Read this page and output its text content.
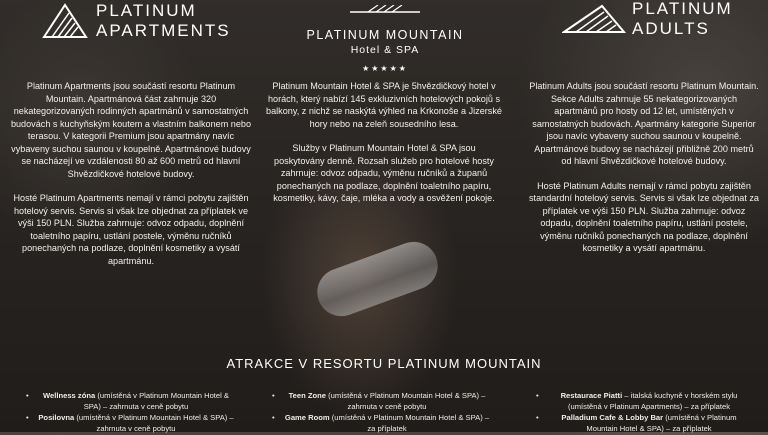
PLATINUM
APARTMENTS	PLATINUM MOUNTAIN
Hotel & SPA
★★★★★
PLATINUM
ADULTS

Platinum Apartments jsou součástí resortu Platinum Mountain. Apartmánová část zahrnuje 320 nekategorizovaných rodinných apartmánů v samostatných budovách s kuchyňským koutem a vlastním balkonem nebo terasou. V kategorii Premium jsou apartmány navíc vybaveny suchou saunou v koupelně. Apartmánové budovy se nacházejí ve vzdálenosti 80 až 600 metrů od hlavní Shvězdičkové hotelové budovy.

Hosté Platinum Apartments nemají v rámci pobytu zajištěn hotelový servis. Servis si však lze objednat za příplatek ve výši 150 PLN. Služba zahrnuje: odvoz odpadu, doplnění toaletního papíru, ustlání postele, výměnu ručníků ponechaných na podlaze, doplnění kosmetiky a vysátí apartmánu.

Platinum Mountain Hotel & SPA je 5hvězdičkový hotel v horách, který nabízí 145 exkluzivních hotelových pokojů s balkony, z nichž se naskýtá výhled na Krkonoše a Jizerské hory nebo na zeleň sousedního lesa.

Služby v Platinum Mountain Hotel & SPA jsou poskytovány denně. Rozsah služeb pro hotelové hosty zahrnuje: odvoz odpadu, výměnu ručníků a županů ponechaných na podlaze, doplnění toaletního papíru, kosmetiky, kávy, čaje, mléka a vody a osvěžení pokoje.

Platinum Adults jsou součástí resortu Platinum Mountain. Sekce Adults zahrnuje 55 nekategorizovaných apartmánů pro hosty od 12 let, umístěných v samostatných budovách. Apartmány kategorie Superior jsou navíc vybaveny suchou saunou v koupelně. Apartmánové budovy se nacházejí přibližně 200 metrů od hlavní 5hvězdičkové hotelové budovy.

Hosté Platinum Adults nemají v rámci pobytu zajištěn standardní hotelový servis. Servis si však lze objednat za příplatek ve výši 150 PLN. Služba zahrnuje: odvoz odpadu, doplnění toaletního papíru, ustlání postele, výměnu ručníků ponechaných na podlaze, doplnění kosmetiky a vysátí apartmánu.

ATRAKCE V RESORTU PLATINUM MOUNTAIN
• Wellness zóna (umístěná v Platinum Mountain Hotel & SPA) – zahrnuta v ceně pobytu
• Posilovna (umístěná v Platinum Mountain Hotel & SPA) – zahrnuta v ceně pobytu
• Teen Zone (umístěná v Platinum Mountain Hotel & SPA) – zahrnuta v ceně pobytu
• Game Room (umístěná v Platinum Mountain Hotel & SPA) – za příplatek
• Restaurace Piatti – italská kuchyně v horském stylu (umístěná v Platinum Apartments) – za příplatek
• Palladium Cafe & Lobby Bar (umístěná v Platinum Mountain Hotel & SPA) – za příplatek
